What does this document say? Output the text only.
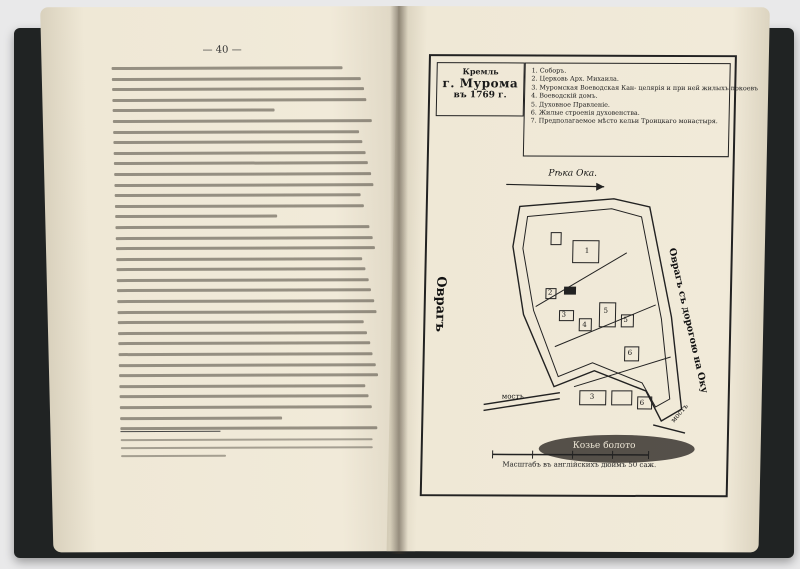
— 40 —
Кремль
г. Мурома
въ 1769 г.
1. Соборъ.
2. Церковь Арх. Михаила.
3. Муромская Воеводская Кан- целярія и при ней жилыхъ покоевъ
4. Воеводскій домъ.
5. Духовное Правленіе.
6. Жилые строенія духовенства.
7. Предполагаемое мѣсто кельи Троицкаго монастыря.
Рѣка Ока.
Оврагъ	Оврагъ съ дорогою на Оку
мостъ
мостъ
Козье болото
Масштабъ въ англійскихъ дюймъ 50 саж.
1
2
3
4
5
6
5
3
6
